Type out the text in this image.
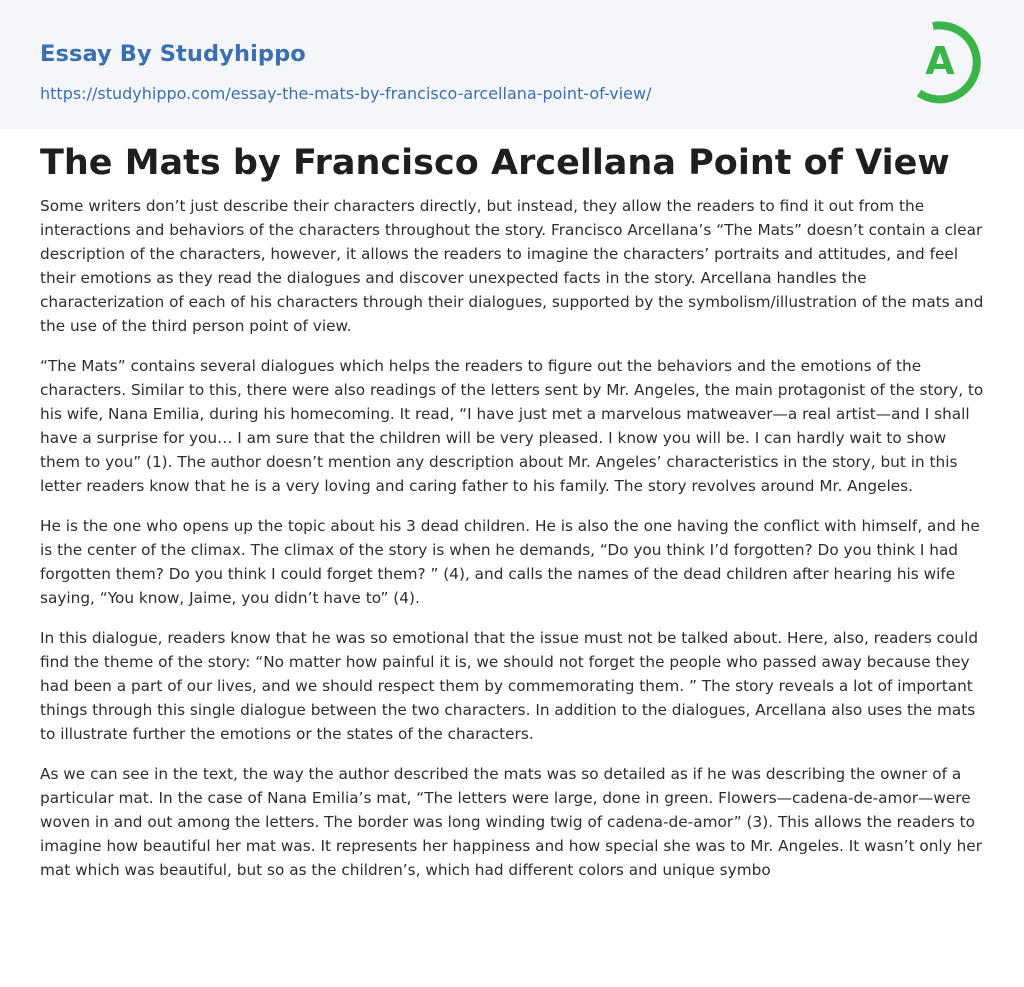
Essay By Studyhippo
https://studyhippo.com/essay-the-mats-by-francisco-arcellana-point-of-view/
A
The Mats by Francisco Arcellana Point of View

Some writers don’t just describe their characters directly, but instead, they allow the readers to find it out from the interactions and behaviors of the characters throughout the story. Francisco Arcellana’s “The Mats” doesn’t contain a clear description of the characters, however, it allows the readers to imagine the characters’ portraits and attitudes, and feel their emotions as they read the dialogues and discover unexpected facts in the story. Arcellana handles the characterization of each of his characters through their dialogues, supported by the symbolism/illustration of the mats and the use of the third person point of view.

“The Mats” contains several dialogues which helps the readers to figure out the behaviors and the emotions of the characters. Similar to this, there were also readings of the letters sent by Mr. Angeles, the main protagonist of the story, to his wife, Nana Emilia, during his homecoming. It read, “I have just met a marvelous matweaver—a real artist—and I shall have a surprise for you… I am sure that the children will be very pleased. I know you will be. I can hardly wait to show them to you” (1). The author doesn’t mention any description about Mr. Angeles’ characteristics in the story, but in this letter readers know that he is a very loving and caring father to his family. The story revolves around Mr. Angeles.

He is the one who opens up the topic about his 3 dead children. He is also the one having the conflict with himself, and he is the center of the climax. The climax of the story is when he demands, “Do you think I’d forgotten? Do you think I had forgotten them? Do you think I could forget them? ” (4), and calls the names of the dead children after hearing his wife saying, “You know, Jaime, you didn’t have to” (4).

In this dialogue, readers know that he was so emotional that the issue must not be talked about. Here, also, readers could find the theme of the story: “No matter how painful it is, we should not forget the people who passed away because they had been a part of our lives, and we should respect them by commemorating them. ” The story reveals a lot of important things through this single dialogue between the two characters. In addition to the dialogues, Arcellana also uses the mats to illustrate further the emotions or the states of the characters.

As we can see in the text, the way the author described the mats was so detailed as if he was describing the owner of a particular mat. In the case of Nana Emilia’s mat, “The letters were large, done in green. Flowers—cadena-de-amor—were woven in and out among the letters. The border was long winding twig of cadena-de-amor” (3). This allows the readers to imagine how beautiful her mat was. It represents her happiness and how special she was to Mr. Angeles. It wasn’t only her mat which was beautiful, but so as the children’s, which had different colors and unique symbo
